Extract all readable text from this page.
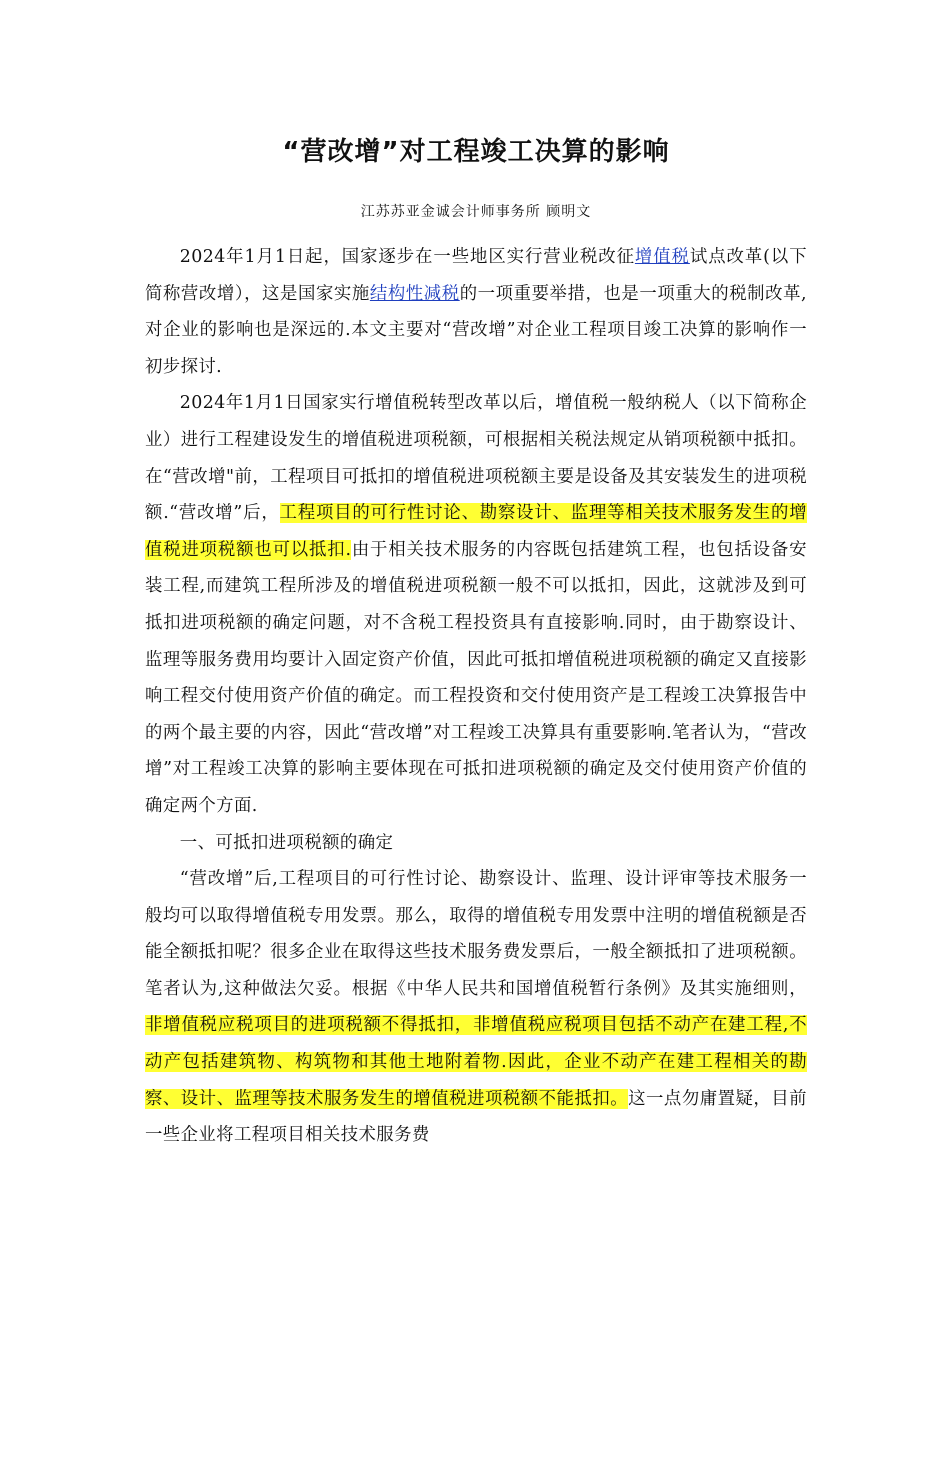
“营改增”对工程竣工决算的影响
江苏苏亚金诚会计师事务所 顾明文

2024年1月1日起，国家逐步在一些地区实行营业税改征增值税试点改革(以下简称营改增），这是国家实施结构性减税的一项重要举措，也是一项重大的税制改革,对企业的影响也是深远的.本文主要对“营改增”对企业工程项目竣工决算的影响作一初步探讨.

2024年1月1日国家实行增值税转型改革以后，增值税一般纳税人（以下简称企业）进行工程建设发生的增值税进项税额，可根据相关税法规定从销项税额中抵扣。在“营改增"前，工程项目可抵扣的增值税进项税额主要是设备及其安装发生的进项税额.“营改增”后，工程项目的可行性讨论、勘察设计、监理等相关技术服务发生的增值税进项税额也可以抵扣.由于相关技术服务的内容既包括建筑工程，也包括设备安装工程,而建筑工程所涉及的增值税进项税额一般不可以抵扣，因此，这就涉及到可抵扣进项税额的确定问题，对不含税工程投资具有直接影响.同时，由于勘察设计、监理等服务费用均要计入固定资产价值，因此可抵扣增值税进项税额的确定又直接影响工程交付使用资产价值的确定。而工程投资和交付使用资产是工程竣工决算报告中的两个最主要的内容，因此“营改增”对工程竣工决算具有重要影响.笔者认为，“营改增”对工程竣工决算的影响主要体现在可抵扣进项税额的确定及交付使用资产价值的确定两个方面.

一、可抵扣进项税额的确定

“营改增”后,工程项目的可行性讨论、勘察设计、监理、设计评审等技术服务一般均可以取得增值税专用发票。那么，取得的增值税专用发票中注明的增值税额是否能全额抵扣呢？很多企业在取得这些技术服务费发票后，一般全额抵扣了进项税额。笔者认为,这种做法欠妥。根据《中华人民共和国增值税暂行条例》及其实施细则，非增值税应税项目的进项税额不得抵扣，非增值税应税项目包括不动产在建工程,不动产包括建筑物、构筑物和其他土地附着物.因此，企业不动产在建工程相关的勘察、设计、监理等技术服务发生的增值税进项税额不能抵扣。这一点勿庸置疑，目前一些企业将工程项目相关技术服务费
